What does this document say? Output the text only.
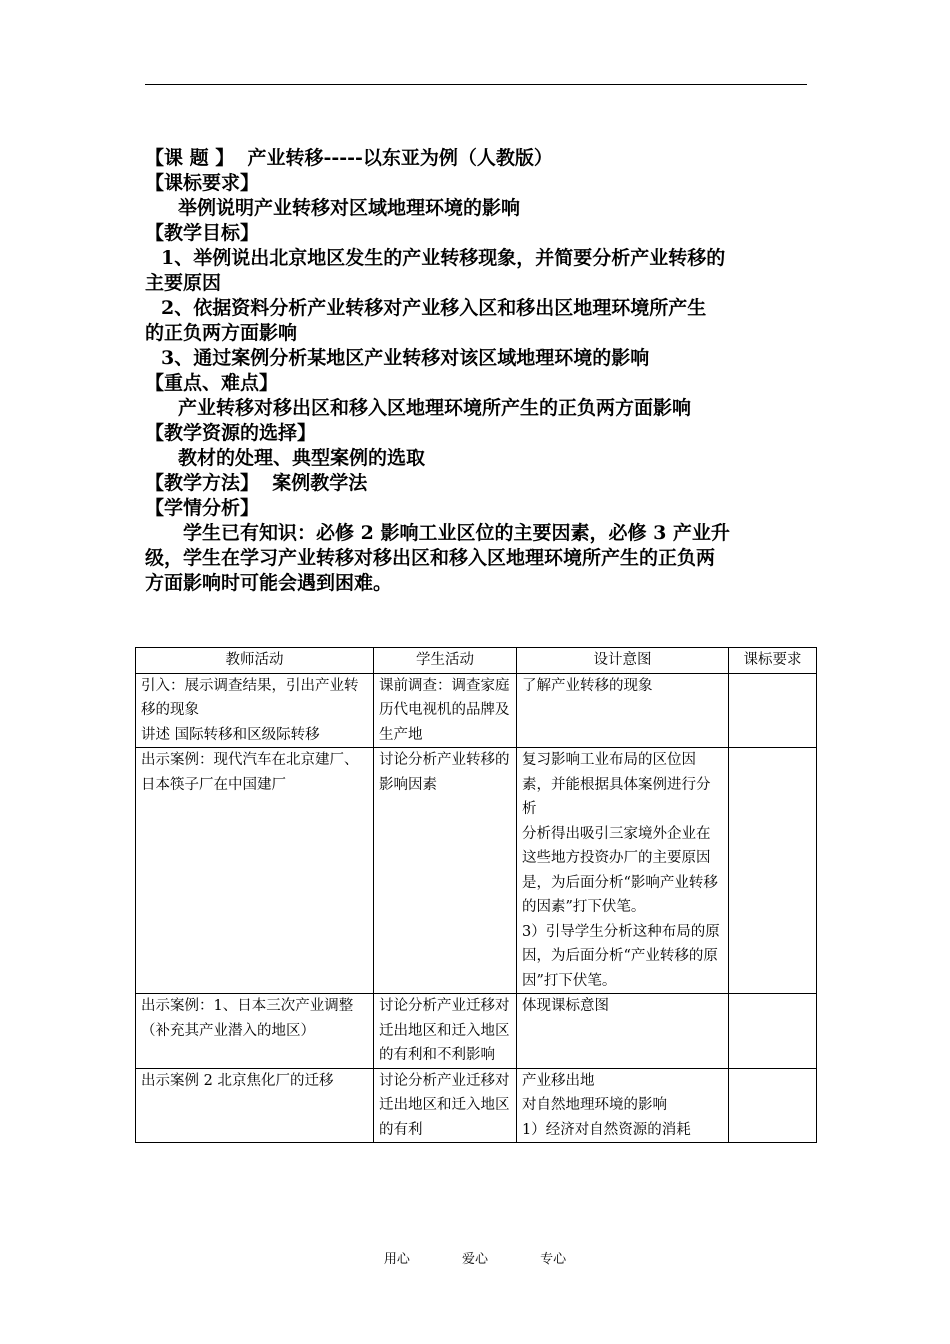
【课 题 】 产业转移-----以东亚为例（人教版）
【课标要求】
举例说明产业转移对区域地理环境的影响
【教学目标】
1、举例说出北京地区发生的产业转移现象，并简要分析产业转移的
主要原因
2、依据资料分析产业转移对产业移入区和移出区地理环境所产生
的正负两方面影响
3、通过案例分析某地区产业转移对该区域地理环境的影响
【重点、难点】
产业转移对移出区和移入区地理环境所产生的正负两方面影响
【教学资源的选择】
教材的处理、典型案例的选取
【教学方法】 案例教学法
【学情分析】
学生已有知识：必修 2 影响工业区位的主要因素，必修 3 产业升
级，学生在学习产业转移对移出区和移入区地理环境所产生的正负两
方面影响时可能会遇到困难。
教师活动	学生活动	设计意图	课标要求

引入：展示调查结果，引出产业转移的现象
讲述 国际转移和区级际转移	课前调查：调查家庭历代电视机的品牌及生产地	了解产业转移的现象	

出示案例：现代汽车在北京建厂、日本筷子厂在中国建厂	讨论分析产业转移的影响因素	复习影响工业布局的区位因素，并能根据具体案例进行分析
分析得出吸引三家境外企业在这些地方投资办厂的主要原因是，为后面分析“影响产业转移的因素”打下伏笔。
3）引导学生分析这种布局的原因，为后面分析“产业转移的原因”打下伏笔。	

出示案例：1、日本三次产业调整（补充其产业潜入的地区）	讨论分析产业迁移对迁出地区和迁入地区的有利和不利影响	体现课标意图	

出示案例 2 北京焦化厂的迁移	讨论分析产业迁移对迁出地区和迁入地区的有利	产业移出地
对自然地理环境的影响
1）经济对自然资源的消耗	

用心	爱心	专心
